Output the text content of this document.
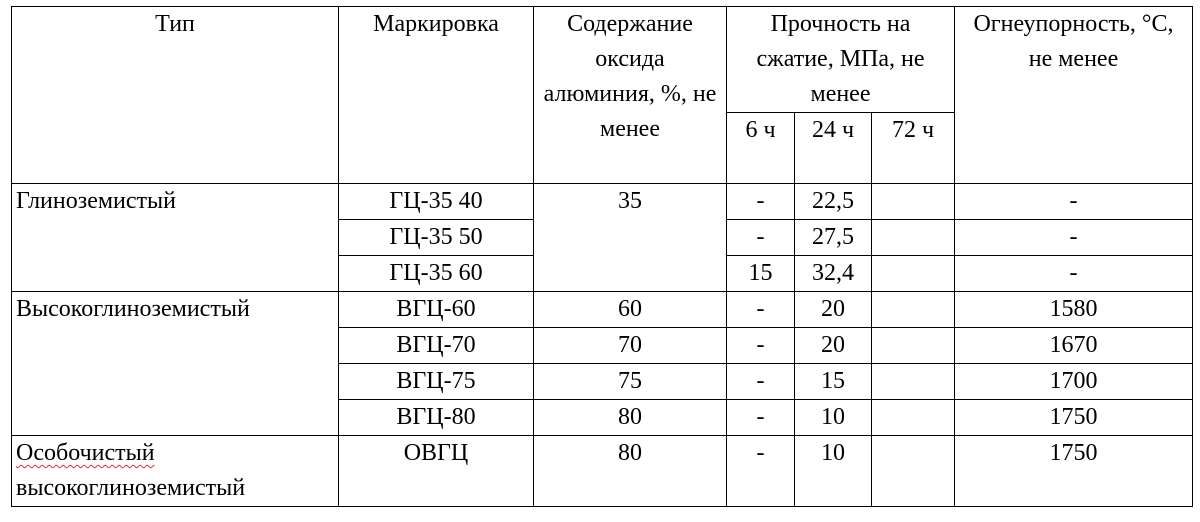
Тип	Маркировка	Содержание оксида алюминия, %, не менее	Прочность на сжатие, МПа, не менее			Огнеупорность, °С, не менее
			6 ч	24 ч	72 ч	
Глиноземистый	ГЦ-35 40	35	-	22,5		-
	ГЦ-35 50		-	27,5		-
	ГЦ-35 60		15	32,4		-
Высокоглиноземистый	ВГЦ-60	60	-	20		1580
	ВГЦ-70	70	-	20		1670
	ВГЦ-75	75	-	15		1700
	ВГЦ-80	80	-	10		1750
Особочистый
высокоглиноземистый	ОВГЦ	80	-	10		1750
